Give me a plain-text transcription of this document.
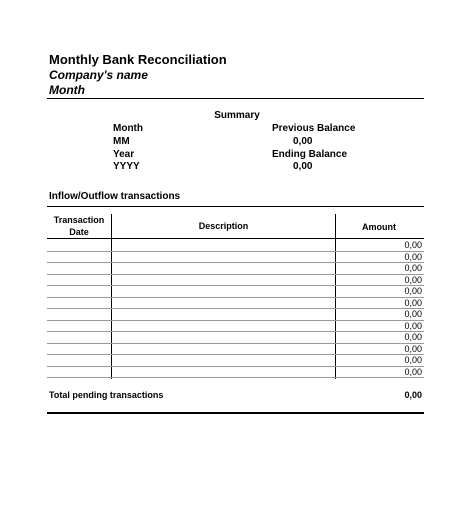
Monthly Bank Reconciliation
Company's name
Month
Summary
Month
MM
Year
YYYY
Previous Balance
0,00
Ending Balance
0,00
Inflow/Outflow transactions
Transaction
Date
Description	Amount
0,00
0,00
0,00
0,00
0,00
0,00
0,00
0,00
0,00
0,00
0,00
0,00
Total pending transactions	0,00
